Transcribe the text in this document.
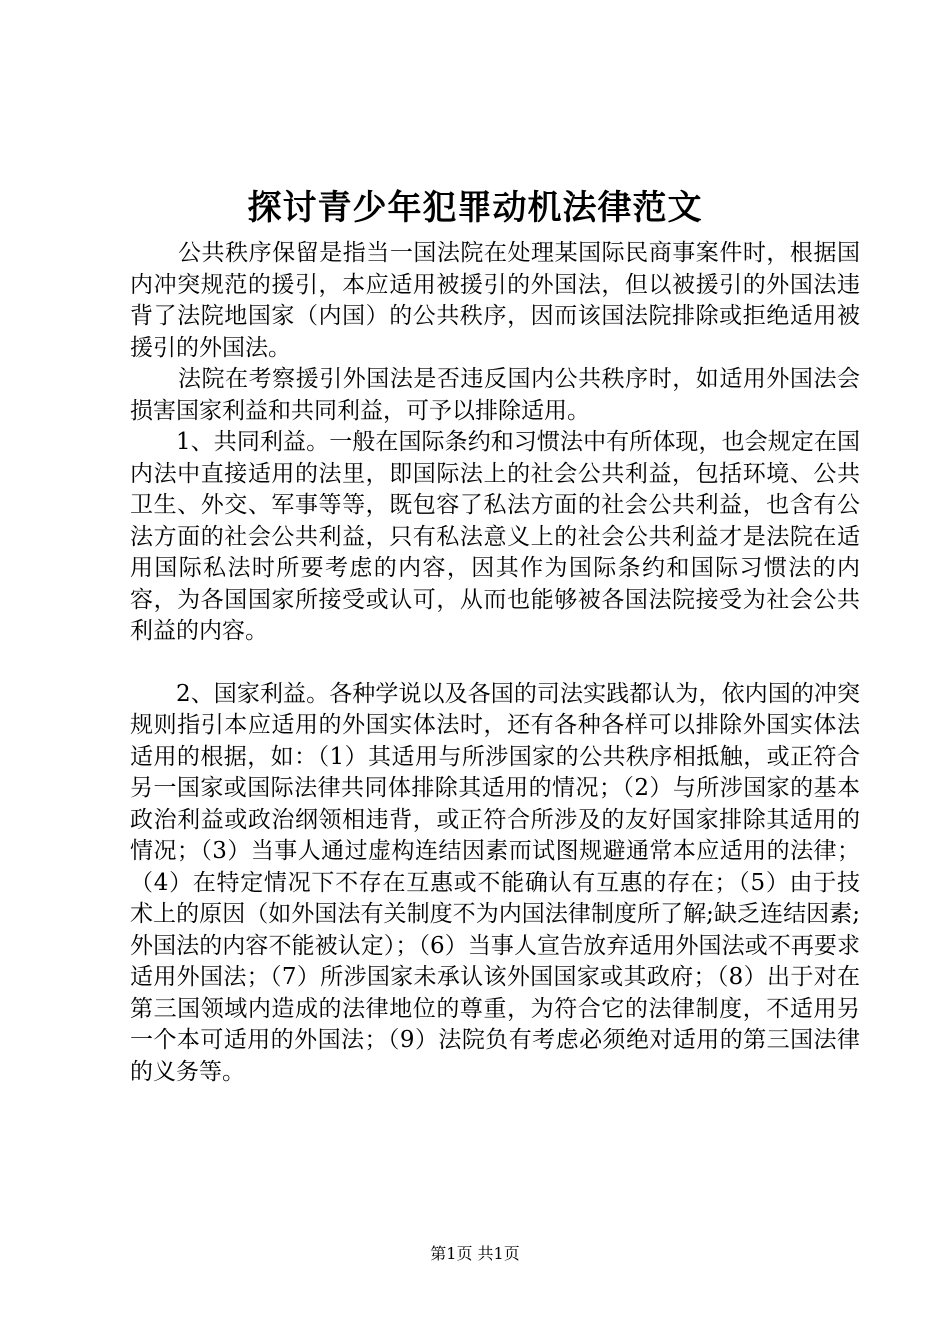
探讨青少年犯罪动机法律范文

公共秩序保留是指当一国法院在处理某国际民商事案件时，根据国内冲突规范的援引，本应适用被援引的外国法，但以被援引的外国法违背了法院地国家（内国）的公共秩序，因而该国法院排除或拒绝适用被援引的外国法。

法院在考察援引外国法是否违反国内公共秩序时，如适用外国法会损害国家利益和共同利益，可予以排除适用。

1、共同利益。一般在国际条约和习惯法中有所体现，也会规定在国内法中直接适用的法里，即国际法上的社会公共利益，包括环境、公共卫生、外交、军事等等，既包容了私法方面的社会公共利益，也含有公法方面的社会公共利益，只有私法意义上的社会公共利益才是法院在适用国际私法时所要考虑的内容，因其作为国际条约和国际习惯法的内容，为各国国家所接受或认可，从而也能够被各国法院接受为社会公共利益的内容。

2、国家利益。各种学说以及各国的司法实践都认为，依内国的冲突规则指引本应适用的外国实体法时，还有各种各样可以排除外国实体法适用的根据，如：（1）其适用与所涉国家的公共秩序相抵触，或正符合另一国家或国际法律共同体排除其适用的情况；（2）与所涉国家的基本政治利益或政治纲领相违背，或正符合所涉及的友好国家排除其适用的情况；（3）当事人通过虚构连结因素而试图规避通常本应适用的法律；（4）在特定情况下不存在互惠或不能确认有互惠的存在；（5）由于技术上的原因（如外国法有关制度不为内国法律制度所了解;缺乏连结因素;外国法的内容不能被认定）；（6）当事人宣告放弃适用外国法或不再要求适用外国法；（7）所涉国家未承认该外国国家或其政府；（8）出于对在第三国领域内造成的法律地位的尊重，为符合它的法律制度，不适用另一个本可适用的外国法；（9）法院负有考虑必须绝对适用的第三国法律的义务等。

第1页 共1页
